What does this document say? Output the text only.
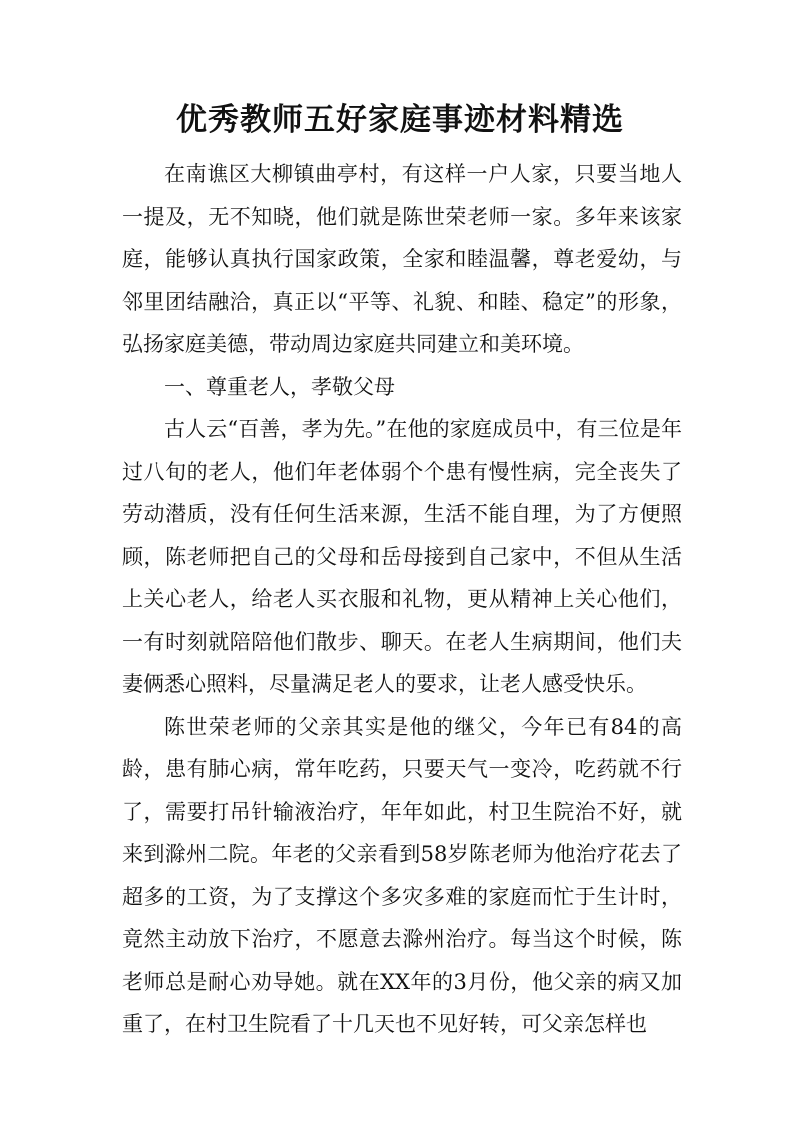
优秀教师五好家庭事迹材料精选

在南谯区大柳镇曲亭村，有这样一户人家，只要当地人一提及，无不知晓，他们就是陈世荣老师一家。多年来该家庭，能够认真执行国家政策，全家和睦温馨，尊老爱幼，与邻里团结融洽，真正以“平等、礼貌、和睦、稳定”的形象，弘扬家庭美德，带动周边家庭共同建立和美环境。

一、尊重老人，孝敬父母

古人云“百善，孝为先。”在他的家庭成员中，有三位是年过八旬的老人，他们年老体弱个个患有慢性病，完全丧失了劳动潜质，没有任何生活来源，生活不能自理，为了方便照顾，陈老师把自己的父母和岳母接到自己家中，不但从生活上关心老人，给老人买衣服和礼物，更从精神上关心他们，一有时刻就陪陪他们散步、聊天。在老人生病期间，他们夫妻俩悉心照料，尽量满足老人的要求，让老人感受快乐。

陈世荣老师的父亲其实是他的继父，今年已有84的高龄，患有肺心病，常年吃药，只要天气一变冷，吃药就不行了，需要打吊针输液治疗，年年如此，村卫生院治不好，就来到滁州二院。年老的父亲看到58岁陈老师为他治疗花去了超多的工资，为了支撑这个多灾多难的家庭而忙于生计时，竟然主动放下治疗，不愿意去滁州治疗。每当这个时候，陈老师总是耐心劝导她。就在XX年的3月份，他父亲的病又加重了，在村卫生院看了十几天也不见好转，可父亲怎样也
